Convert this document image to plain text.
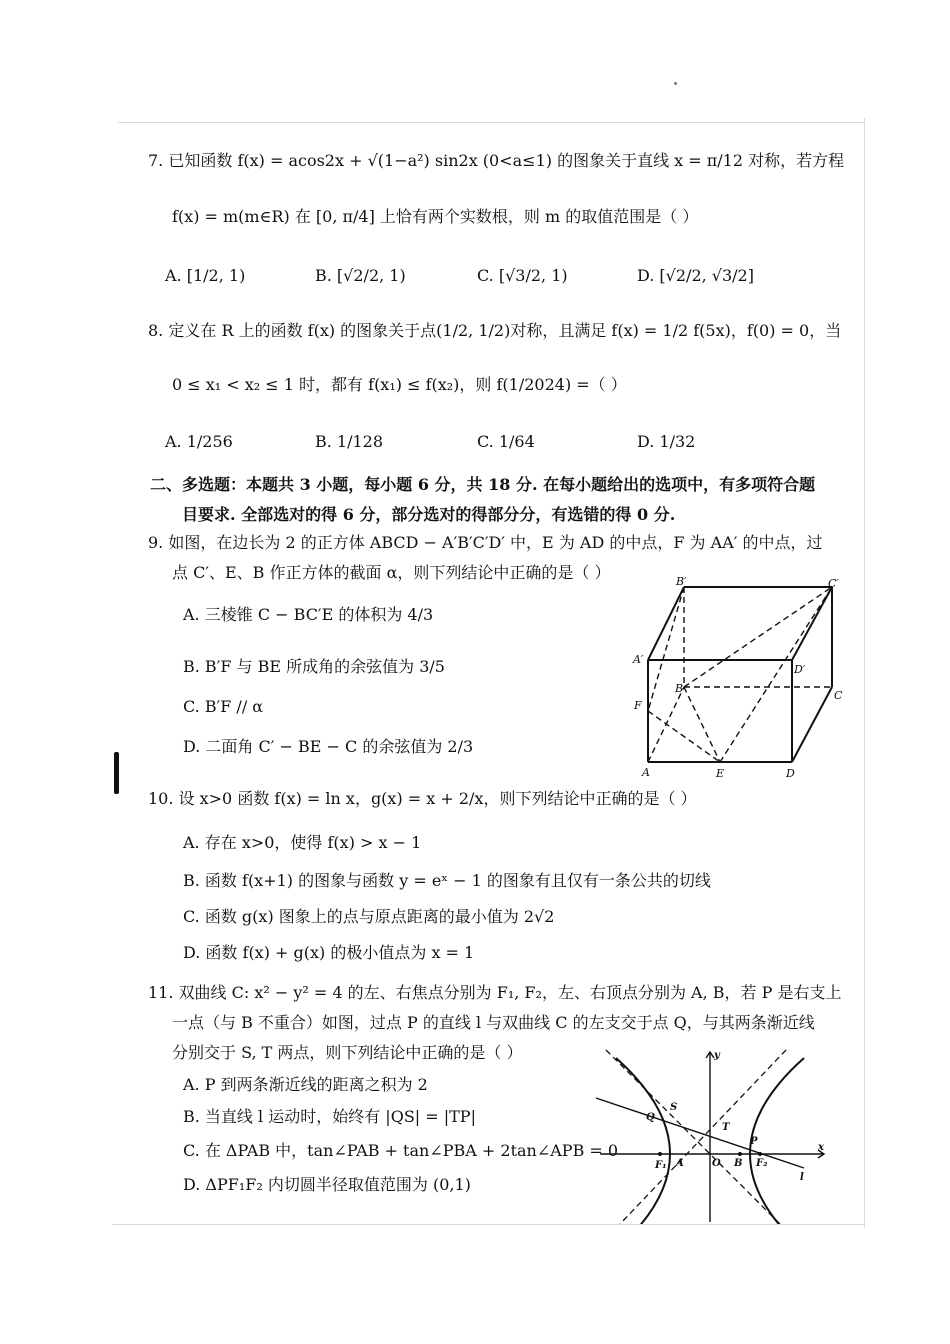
7. 已知函数 f(x) = acos2x + √(1−a²) sin2x (0<a≤1) 的图象关于直线 x = π/12 对称，若方程
f(x) = m(m∈R) 在 [0, π/4] 上恰有两个实数根，则 m 的取值范围是（ ）
A. [1/2, 1)	B. [√2/2, 1)	C. [√3/2, 1)	D. [√2/2, √3/2]
8. 定义在 R 上的函数 f(x) 的图象关于点(1/2, 1/2)对称，且满足 f(x) = 1/2 f(5x)，f(0) = 0，当
0 ≤ x₁ < x₂ ≤ 1 时，都有 f(x₁) ≤ f(x₂)，则 f(1/2024) =（ ）
A. 1/256	B. 1/128	C. 1/64	D. 1/32
二、多选题：本题共 3 小题，每小题 6 分，共 18 分. 在每小题给出的选项中，有多项符合题
目要求. 全部选对的得 6 分，部分选对的得部分分，有选错的得 0 分.
9. 如图，在边长为 2 的正方体 ABCD − A′B′C′D′ 中，E 为 AD 的中点，F 为 AA′ 的中点，过
点 C′、E、B 作正方体的截面 α，则下列结论中正确的是（ ）
A. 三棱锥 C − BC′E 的体积为 4/3
B. B′F 与 BE 所成角的余弦值为 3/5
C. B′F // α
D. 二面角 C′ − BE − C 的余弦值为 2/3
B′	C′
A′
D′
B
C
F
A	E	D
10. 设 x>0 函数 f(x) = ln x，g(x) = x + 2/x，则下列结论中正确的是（ ）
A. 存在 x>0，使得 f(x) > x − 1
B. 函数 f(x+1) 的图象与函数 y = eˣ − 1 的图象有且仅有一条公共的切线
C. 函数 g(x) 图象上的点与原点距离的最小值为 2√2
D. 函数 f(x) + g(x) 的极小值点为 x = 1
11. 双曲线 C: x² − y² = 4 的左、右焦点分别为 F₁, F₂，左、右顶点分别为 A, B，若 P 是右支上
一点（与 B 不重合）如图，过点 P 的直线 l 与双曲线 C 的左支交于点 Q，与其两条渐近线
分别交于 S, T 两点，则下列结论中正确的是（ ）
A. P 到两条渐近线的距离之积为 2
B. 当直线 l 运动时，始终有 |QS| = |TP|
C. 在 ΔPAB 中，tan∠PAB + tan∠PBA + 2tan∠APB = 0
D. ΔPF₁F₂ 内切圆半径取值范围为 (0,1)
y
x
Q
S
T
P
F₁ A	O B F₂
l
